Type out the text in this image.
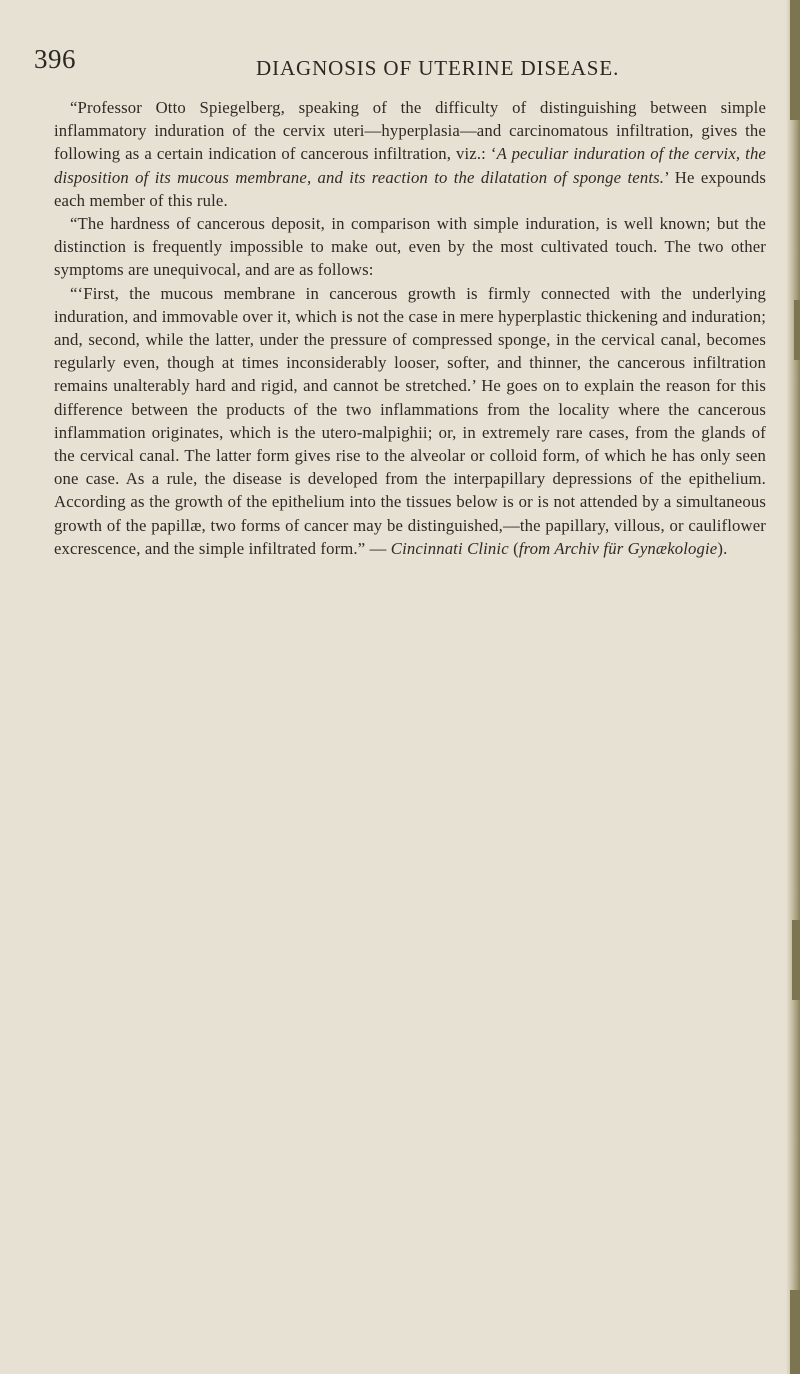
396	DIAGNOSIS OF UTERINE DISEASE.

“Professor Otto Spiegelberg, speaking of the difficulty of distinguishing between simple inflammatory induration of the cervix uteri—hyperplasia—and carcinomatous infiltration, gives the following as a certain indication of cancerous infiltration, viz.: ‘A peculiar induration of the cervix, the disposition of its mucous membrane, and its reaction to the dilatation of sponge tents.’ He expounds each member of this rule.

“The hardness of cancerous deposit, in comparison with simple induration, is well known; but the distinction is frequently impossible to make out, even by the most cultivated touch. The two other symptoms are unequivocal, and are as follows:

“‘First, the mucous membrane in cancerous growth is firmly connected with the underlying induration, and immovable over it, which is not the case in mere hyperplastic thickening and induration; and, second, while the latter, under the pressure of compressed sponge, in the cervical canal, becomes regularly even, though at times inconsiderably looser, softer, and thinner, the cancerous infiltration remains unalterably hard and rigid, and cannot be stretched.’ He goes on to explain the reason for this difference between the products of the two inflammations from the locality where the cancerous inflammation originates, which is the utero-malpighii; or, in extremely rare cases, from the glands of the cervical canal. The latter form gives rise to the alveolar or colloid form, of which he has only seen one case. As a rule, the disease is developed from the interpapillary depressions of the epithelium. According as the growth of the epithelium into the tissues below is or is not attended by a simultaneous growth of the papillæ, two forms of cancer may be distinguished,—the papillary, villous, or cauliflower excrescence, and the simple infiltrated form.” — Cincinnati Clinic (from Archiv für Gynækologie).
